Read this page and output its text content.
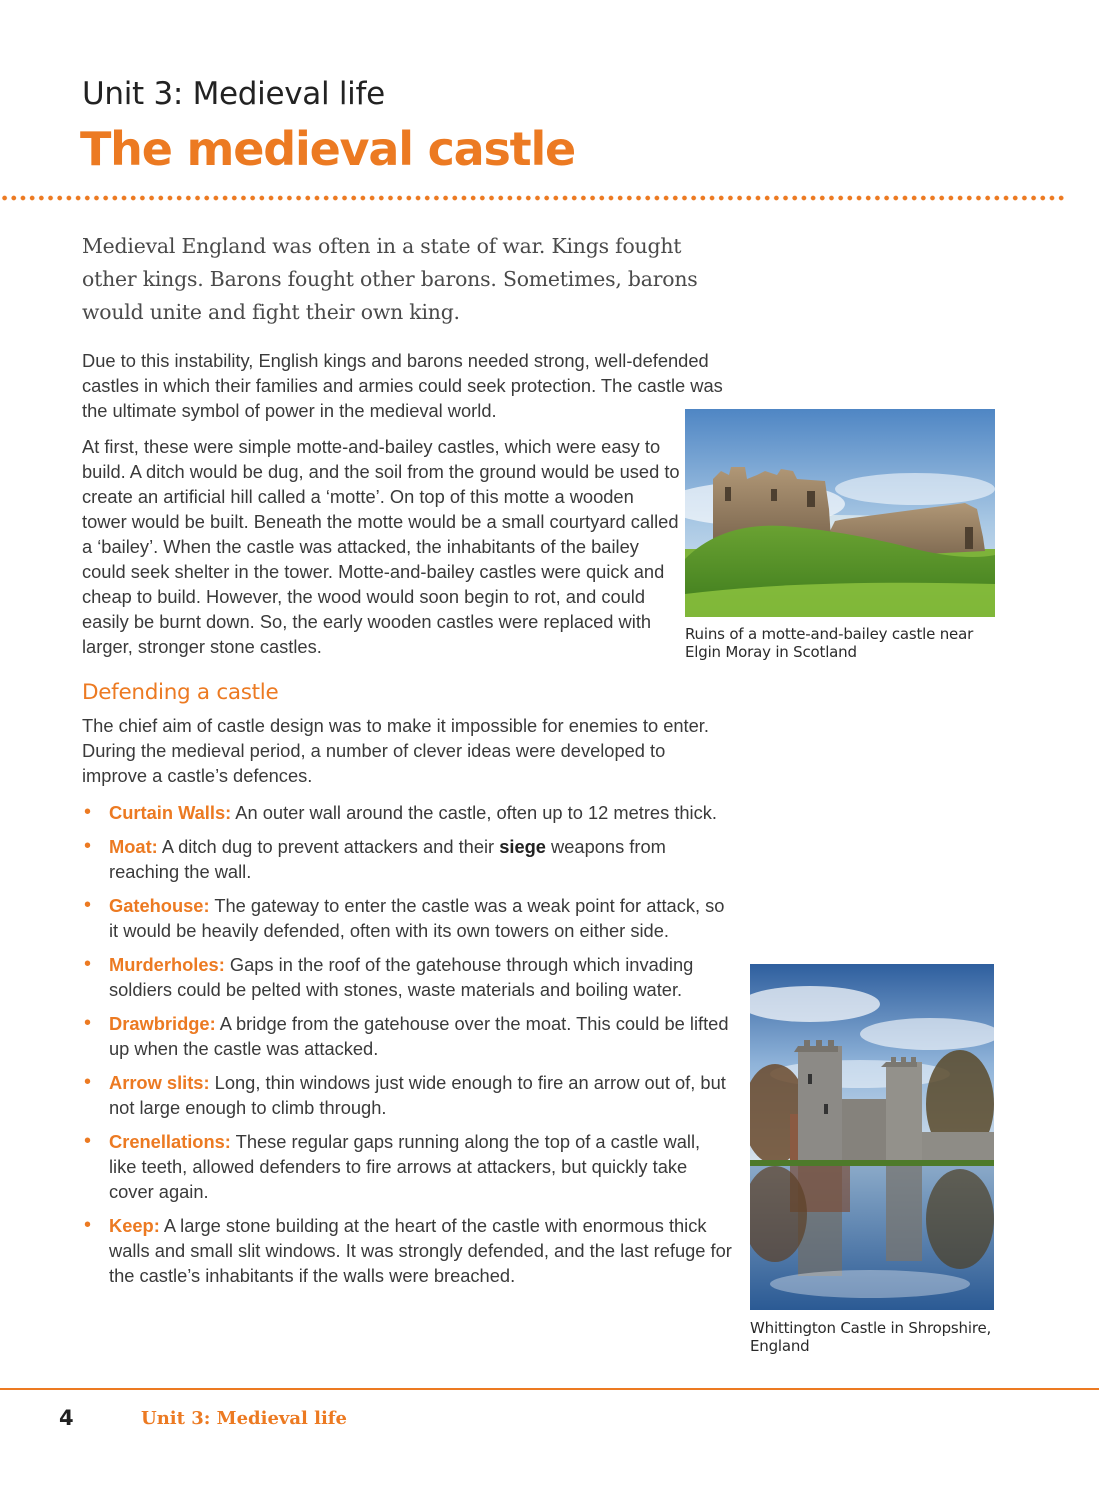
Unit 3: Medieval life
The medieval castle

Medieval England was often in a state of war. Kings fought other kings. Barons fought other barons. Sometimes, barons would unite and fight their own king.

Due to this instability, English kings and barons needed strong, well-defended castles in which their families and armies could seek protection. The castle was the ultimate symbol of power in the medieval world.

At first, these were simple motte-and-bailey castles, which were easy to build. A ditch would be dug, and the soil from the ground would be used to create an artificial hill called a ‘motte’. On top of this motte a wooden tower would be built. Beneath the motte would be a small courtyard called a ‘bailey’. When the castle was attacked, the inhabitants of the bailey could seek shelter in the tower. Motte-and-bailey castles were quick and cheap to build. However, the wood would soon begin to rot, and could easily be burnt down. So, the early wooden castles were replaced with larger, stronger stone castles.

Ruins of a motte-and-bailey castle near Elgin Moray in Scotland

Defending a castle

The chief aim of castle design was to make it impossible for enemies to enter. During the medieval period, a number of clever ideas were developed to improve a castle’s defences.

• Curtain Walls: An outer wall around the castle, often up to 12 metres thick.
• Moat: A ditch dug to prevent attackers and their siege weapons from reaching the wall.
• Gatehouse: The gateway to enter the castle was a weak point for attack, so it would be heavily defended, often with its own towers on either side.
• Murderholes: Gaps in the roof of the gatehouse through which invading soldiers could be pelted with stones, waste materials and boiling water.
• Drawbridge: A bridge from the gatehouse over the moat. This could be lifted up when the castle was attacked.
• Arrow slits: Long, thin windows just wide enough to fire an arrow out of, but not large enough to climb through.
• Crenellations: These regular gaps running along the top of a castle wall, like teeth, allowed defenders to fire arrows at attackers, but quickly take cover again.
• Keep: A large stone building at the heart of the castle with enormous thick walls and small slit windows. It was strongly defended, and the last refuge for the castle’s inhabitants if the walls were breached.

Whittington Castle in Shropshire, England

4	Unit 3: Medieval life
